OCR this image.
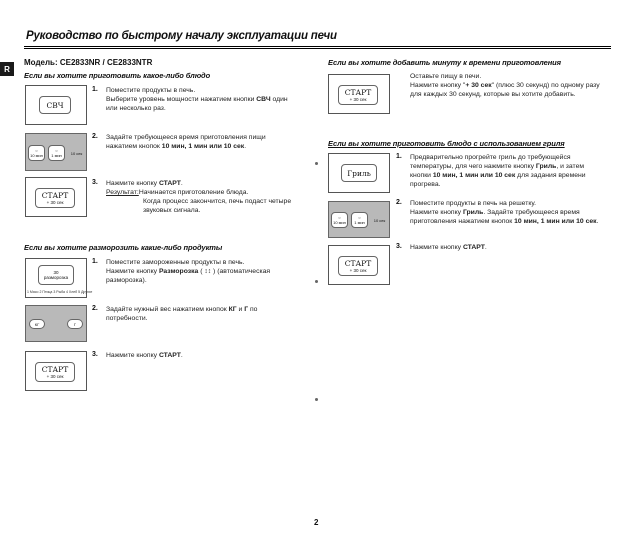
Руководство по быстрому началу эксплуатации печи
R
Модель: CE2833NR / CE2833NTR
Если вы хотите приготовить какое-либо блюдо
СВЧ
1. Поместите продукты в печь.
Выберите уровень мощности нажатием кнопки СВЧ один
или несколько раз.
○
10 мин
○
1 мин 10 сек
2. Задайте требующееся время приготовления пищи
нажатием кнопок 10 мин, 1 мин или 10 сек.
СТАРТ
+ 30 сек
3. Нажмите кнопку СТАРТ.
Результат:Начинается приготовление блюда.
Когда процесс закончится, печь подаст четыре
звуковых сигнала.
Если вы хотите разморозить какие-либо продукты
30
разморозка
1 Мясо 2 Птица 3 Рыба 4 Хлеб 5 Другие
1. Поместите замороженные продукты в печь.
Нажмите кнопку Разморозка ( ↕↕ ) (автоматическая
разморозка).
КГ	Г
2. Задайте нужный вес нажатием кнопок КГ и Г по
потребности.
СТАРТ
+ 30 сек
3. Нажмите кнопку СТАРТ.
Если вы хотите добавить минуту к времени приготовления
СТАРТ
+ 30 сек
Оставьте пищу в печи.
Нажмите кнопку "+ 30 сек" (плюс 30 секунд) по одному разу
для каждых 30 секунд, которые вы хотите добавить.
Если вы хотите приготовить блюдо с использованием гриля
Гриль
1. Предварительно прогрейте гриль до требующейся
температуры, для чего нажмите кнопку Гриль, и затем
кнопки 10 мин, 1 мин или 10 сек для задания времени
прогрева.
○
10 мин
○
1 мин 10 сек
2. Поместите продукты в печь на решетку.
Нажмите кнопку Гриль. Задайте требующееся время
приготовления нажатием кнопок 10 мин, 1 мин или 10 сек.
СТАРТ
+ 30 сек
3. Нажмите кнопку СТАРТ.
2
